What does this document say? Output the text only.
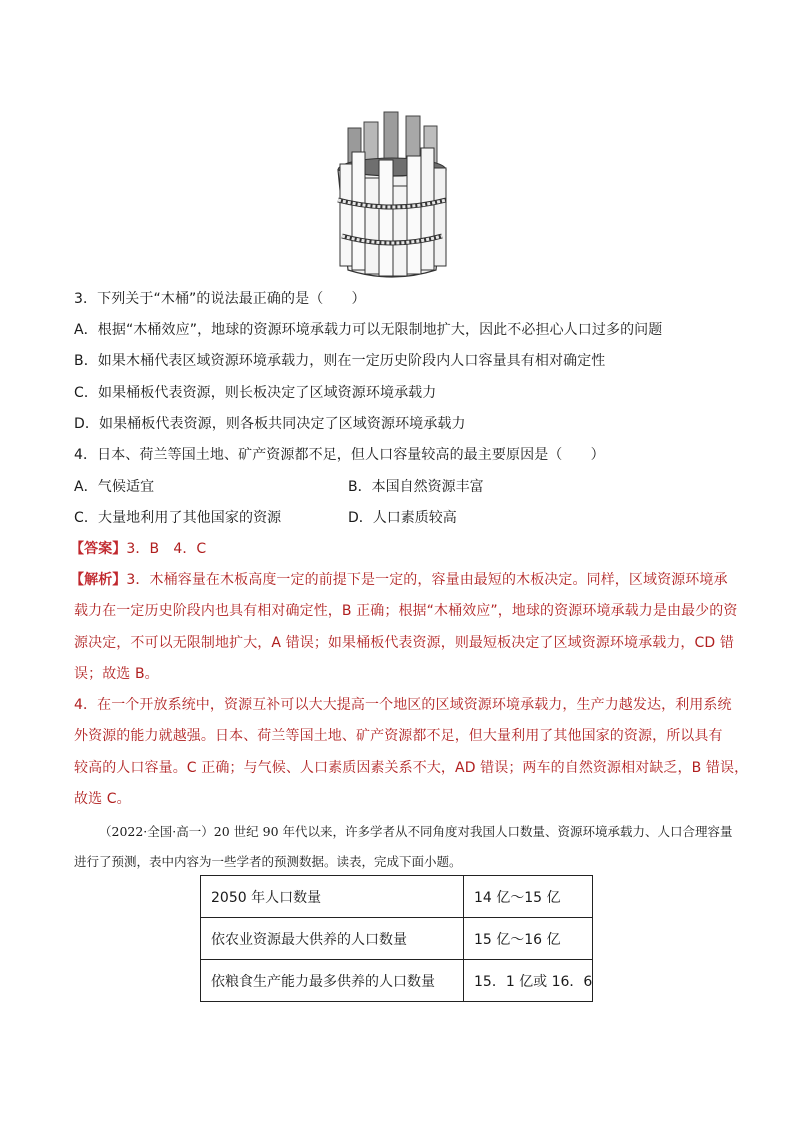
3．下列关于“木桶”的说法最正确的是（　　）
A．根据“木桶效应”，地球的资源环境承载力可以无限制地扩大，因此不必担心人口过多的问题
B．如果木桶代表区域资源环境承载力，则在一定历史阶段内人口容量具有相对确定性
C．如果桶板代表资源，则长板决定了区域资源环境承载力
D．如果桶板代表资源，则各板共同决定了区域资源环境承载力
4．日本、荷兰等国土地、矿产资源都不足，但人口容量较高的最主要原因是（　　）
A．气候适宜	B．本国自然资源丰富
C．大量地利用了其他国家的资源	D．人口素质较高
【答案】3．B　4．C
【解析】3．木桶容量在木板高度一定的前提下是一定的，容量由最短的木板决定。同样，区域资源环境承
载力在一定历史阶段内也具有相对确定性，B 正确；根据“木桶效应”，地球的资源环境承载力是由最少的资
源决定，不可以无限制地扩大，A 错误；如果桶板代表资源，则最短板决定了区域资源环境承载力，CD 错
误；故选 B。
4．在一个开放系统中，资源互补可以大大提高一个地区的区域资源环境承载力，生产力越发达，利用系统
外资源的能力就越强。日本、荷兰等国土地、矿产资源都不足，但大量利用了其他国家的资源，所以具有
较高的人口容量。C 正确；与气候、人口素质因素关系不大，AD 错误；两车的自然资源相对缺乏，B 错误，
故选 C。
（2022·全国·高一）20 世纪 90 年代以来，许多学者从不同角度对我国人口数量、资源环境承载力、人口合理容量进行了预测，表中内容为一些学者的预测数据。读表，完成下面小题。
2050 年人口数量	14 亿～15 亿
依农业资源最大供养的人口数量	15 亿～16 亿
依粮食生产能力最多供养的人口数量	15．1 亿或 16．6
